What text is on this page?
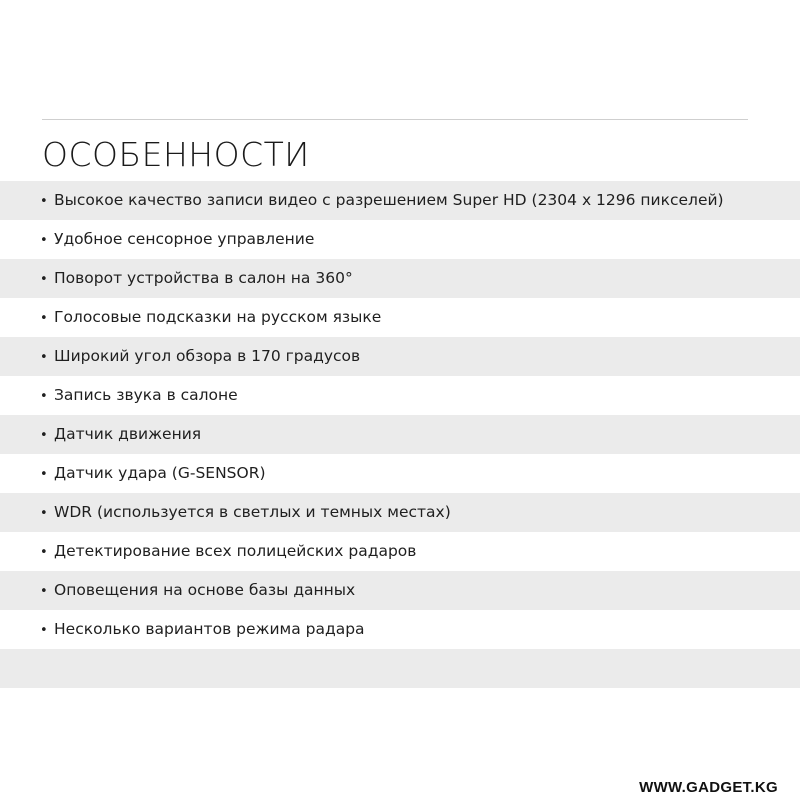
ОСОБЕННОСТИ
• Высокое качество записи видео с разрешением Super HD (2304 x 1296 пикселей)
• Удобное сенсорное управление
• Поворот устройства в салон на 360°
• Голосовые подсказки на русском языке
• Широкий угол обзора в 170 градусов
• Запись звука в салоне
• Датчик движения
• Датчик удара (G-SENSOR)
• WDR (используется в светлых и темных местах)
• Детектирование всех полицейских радаров
• Оповещения на основе базы данных
• Несколько вариантов режима радара
WWW.GADGET.KG
